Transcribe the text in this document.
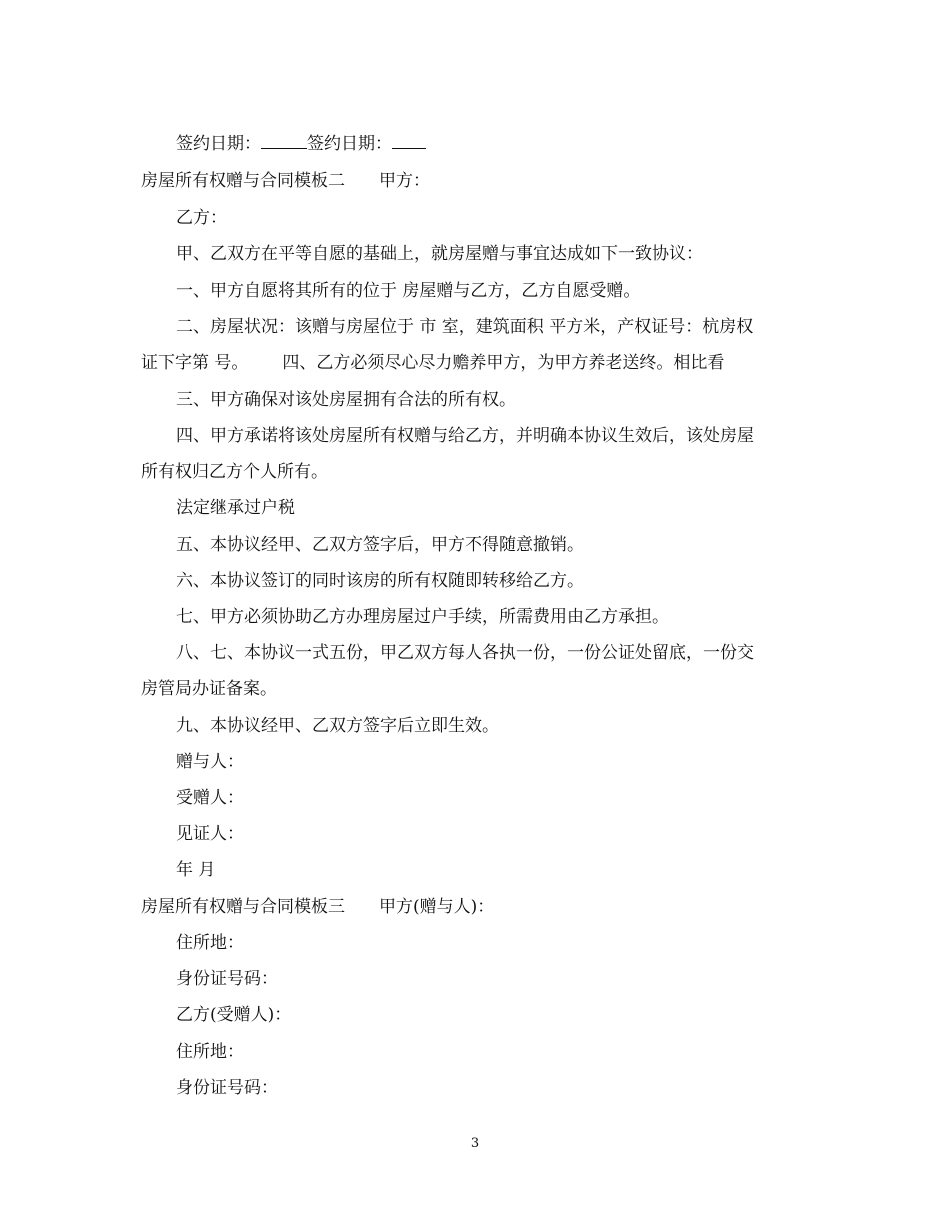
签约日期：	签约日期：
房屋所有权赠与合同模板二 甲方：
乙方：
甲、乙双方在平等自愿的基础上，就房屋赠与事宜达成如下一致协议：
一、甲方自愿将其所有的位于 房屋赠与乙方，乙方自愿受赠。
二、房屋状况：该赠与房屋位于 市 室，建筑面积 平方米，产权证号：杭房权
证下字第 号。 四、乙方必须尽心尽力赡养甲方，为甲方养老送终。相比看
三、甲方确保对该处房屋拥有合法的所有权。
四、甲方承诺将该处房屋所有权赠与给乙方，并明确本协议生效后，该处房屋
所有权归乙方个人所有。
法定继承过户税
五、本协议经甲、乙双方签字后，甲方不得随意撤销。
六、本协议签订的同时该房的所有权随即转移给乙方。
七、甲方必须协助乙方办理房屋过户手续，所需费用由乙方承担。
八、七、本协议一式五份，甲乙双方每人各执一份，一份公证处留底，一份交
房管局办证备案。
九、本协议经甲、乙双方签字后立即生效。
赠与人：
受赠人：
见证人：
年 月
房屋所有权赠与合同模板三 甲方(赠与人)：
住所地：
身份证号码：
乙方(受赠人)：
住所地：
身份证号码：
3
